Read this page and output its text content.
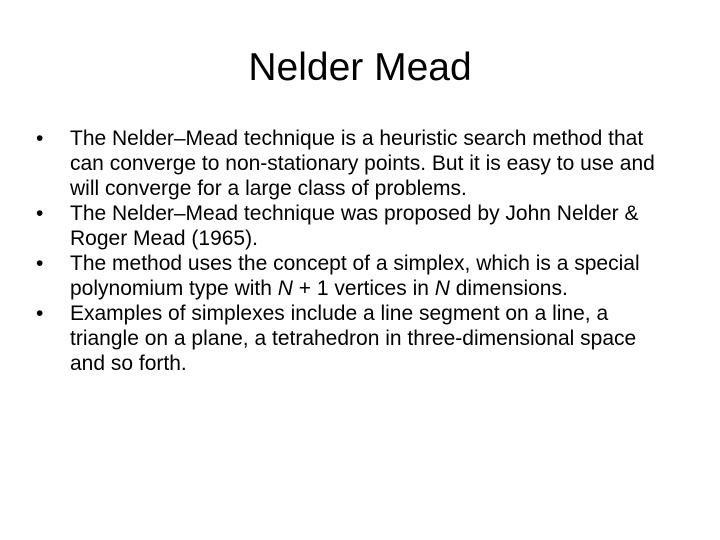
Nelder Mead
•	The Nelder–Mead technique is a heuristic search method that can converge to non-stationary points. But it is easy to use and will converge for a large class of problems.
•	The Nelder–Mead technique was proposed by John Nelder & Roger Mead (1965).
•	The method uses the concept of a simplex, which is a special polynomium type with N + 1 vertices in N dimensions.
•	Examples of simplexes include a line segment on a line, a triangle on a plane, a tetrahedron in three-dimensional space and so forth.
